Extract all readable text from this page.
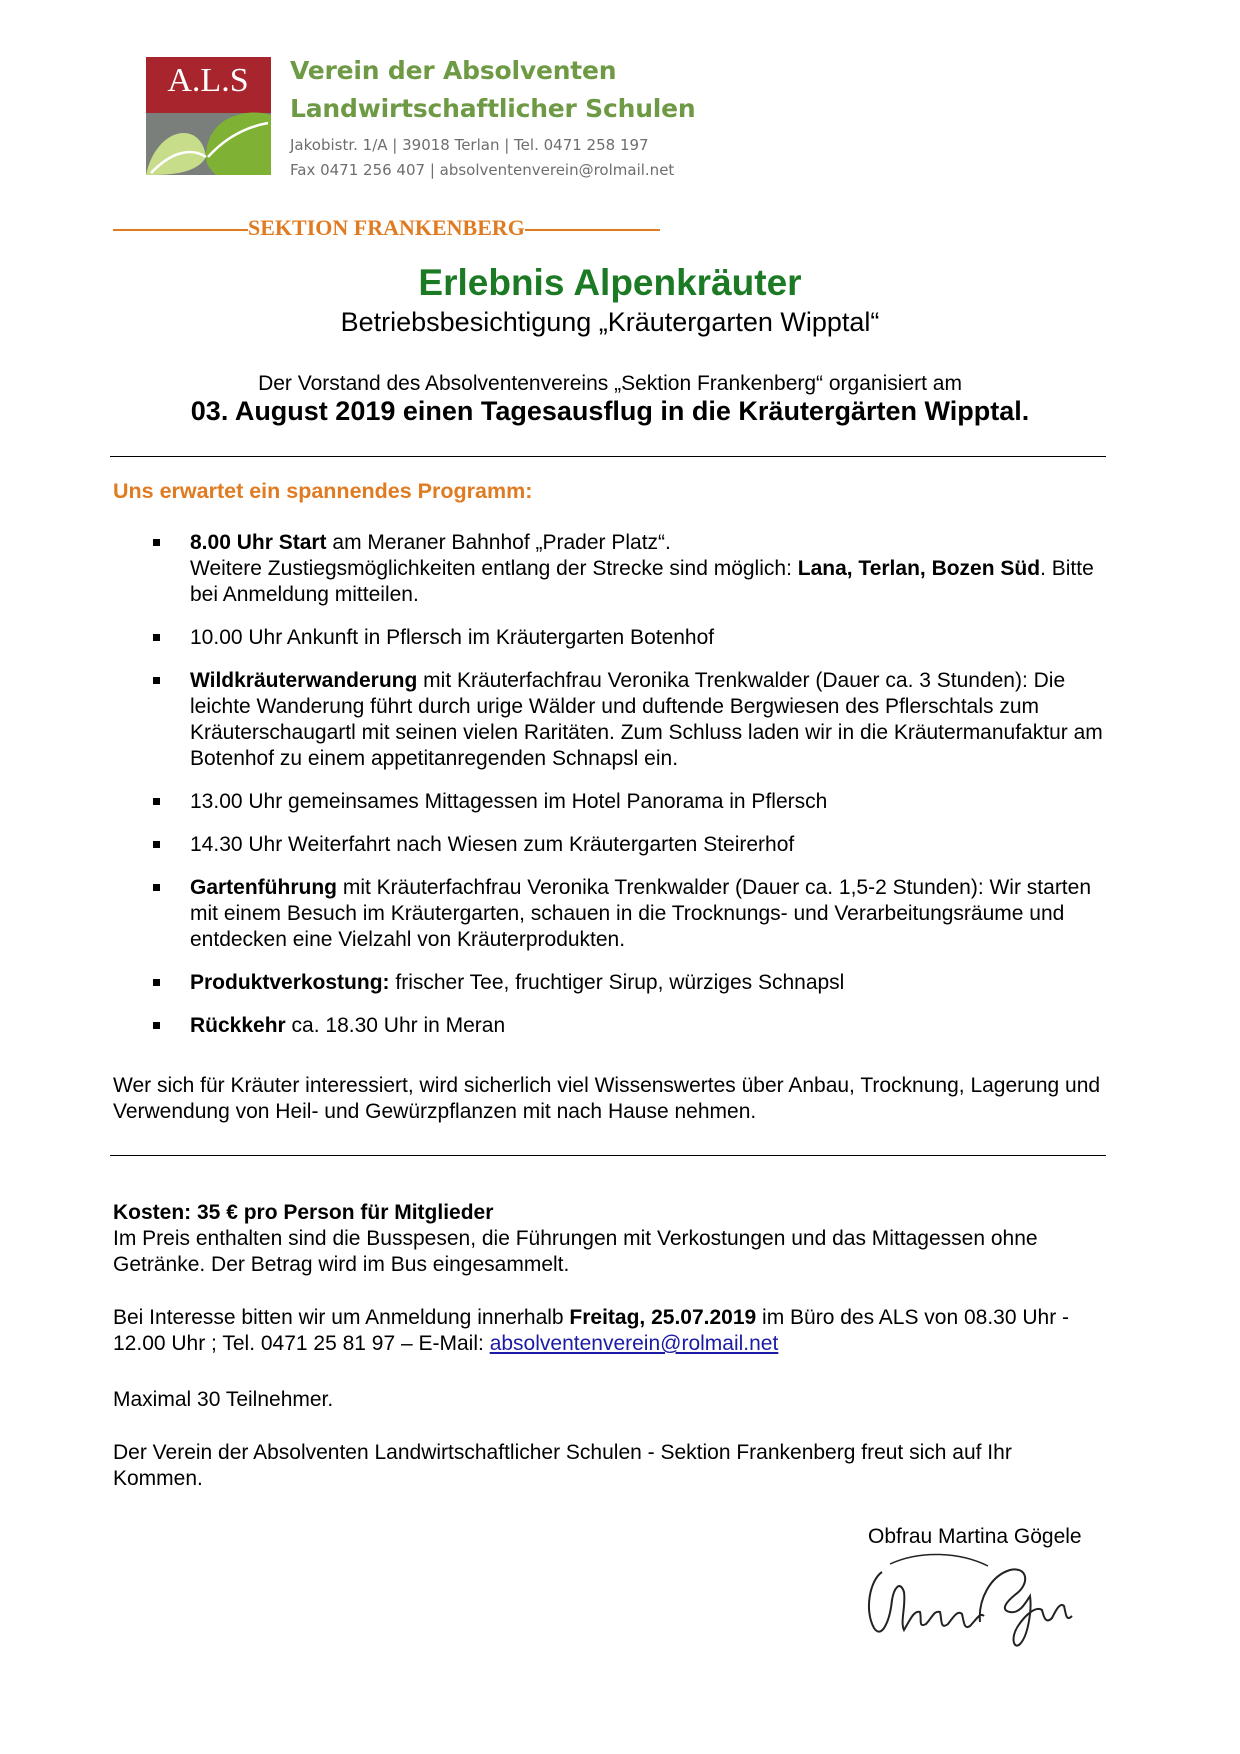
A.L.S Verein der Absolventen
Landwirtschaftlicher Schulen
Jakobistr. 1/A | 39018 Terlan | Tel. 0471 258 197
Fax 0471 256 407 | absolventenverein@rolmail.net
SEKTION FRANKENBERG
Erlebnis Alpenkräuter
Betriebsbesichtigung „Kräutergarten Wipptal“
Der Vorstand des Absolventenvereins „Sektion Frankenberg“ organisiert am
03. August 2019 einen Tagesausflug in die Kräutergärten Wipptal.
Uns erwartet ein spannendes Programm:
8.00 Uhr Start am Meraner Bahnhof „Prader Platz“.
Weitere Zustiegsmöglichkeiten entlang der Strecke sind möglich: Lana, Terlan, Bozen Süd. Bitte bei Anmeldung mitteilen.
10.00 Uhr Ankunft in Pflersch im Kräutergarten Botenhof
Wildkräuterwanderung mit Kräuterfachfrau Veronika Trenkwalder (Dauer ca. 3 Stunden): Die leichte Wanderung führt durch urige Wälder und duftende Bergwiesen des Pflerschtals zum Kräuterschaugartl mit seinen vielen Raritäten. Zum Schluss laden wir in die Kräutermanufaktur am Botenhof zu einem appetitanregenden Schnapsl ein.
13.00 Uhr gemeinsames Mittagessen im Hotel Panorama in Pflersch
14.30 Uhr Weiterfahrt nach Wiesen zum Kräutergarten Steirerhof
Gartenführung mit Kräuterfachfrau Veronika Trenkwalder (Dauer ca. 1,5-2 Stunden): Wir starten mit einem Besuch im Kräutergarten, schauen in die Trocknungs- und Verarbeitungsräume und entdecken eine Vielzahl von Kräuterprodukten.
Produktverkostung: frischer Tee, fruchtiger Sirup, würziges Schnapsl
Rückkehr ca. 18.30 Uhr in Meran
Wer sich für Kräuter interessiert, wird sicherlich viel Wissenswertes über Anbau, Trocknung, Lagerung und Verwendung von Heil- und Gewürzpflanzen mit nach Hause nehmen.
Kosten: 35 € pro Person für Mitglieder
Im Preis enthalten sind die Busspesen, die Führungen mit Verkostungen und das Mittagessen ohne Getränke. Der Betrag wird im Bus eingesammelt.
Bei Interesse bitten wir um Anmeldung innerhalb Freitag, 25.07.2019 im Büro des ALS von 08.30 Uhr - 12.00 Uhr ; Tel. 0471 25 81 97 – E-Mail: absolventenverein@rolmail.net
Maximal 30 Teilnehmer.
Der Verein der Absolventen Landwirtschaftlicher Schulen - Sektion Frankenberg freut sich auf Ihr Kommen.
Obfrau Martina Gögele
